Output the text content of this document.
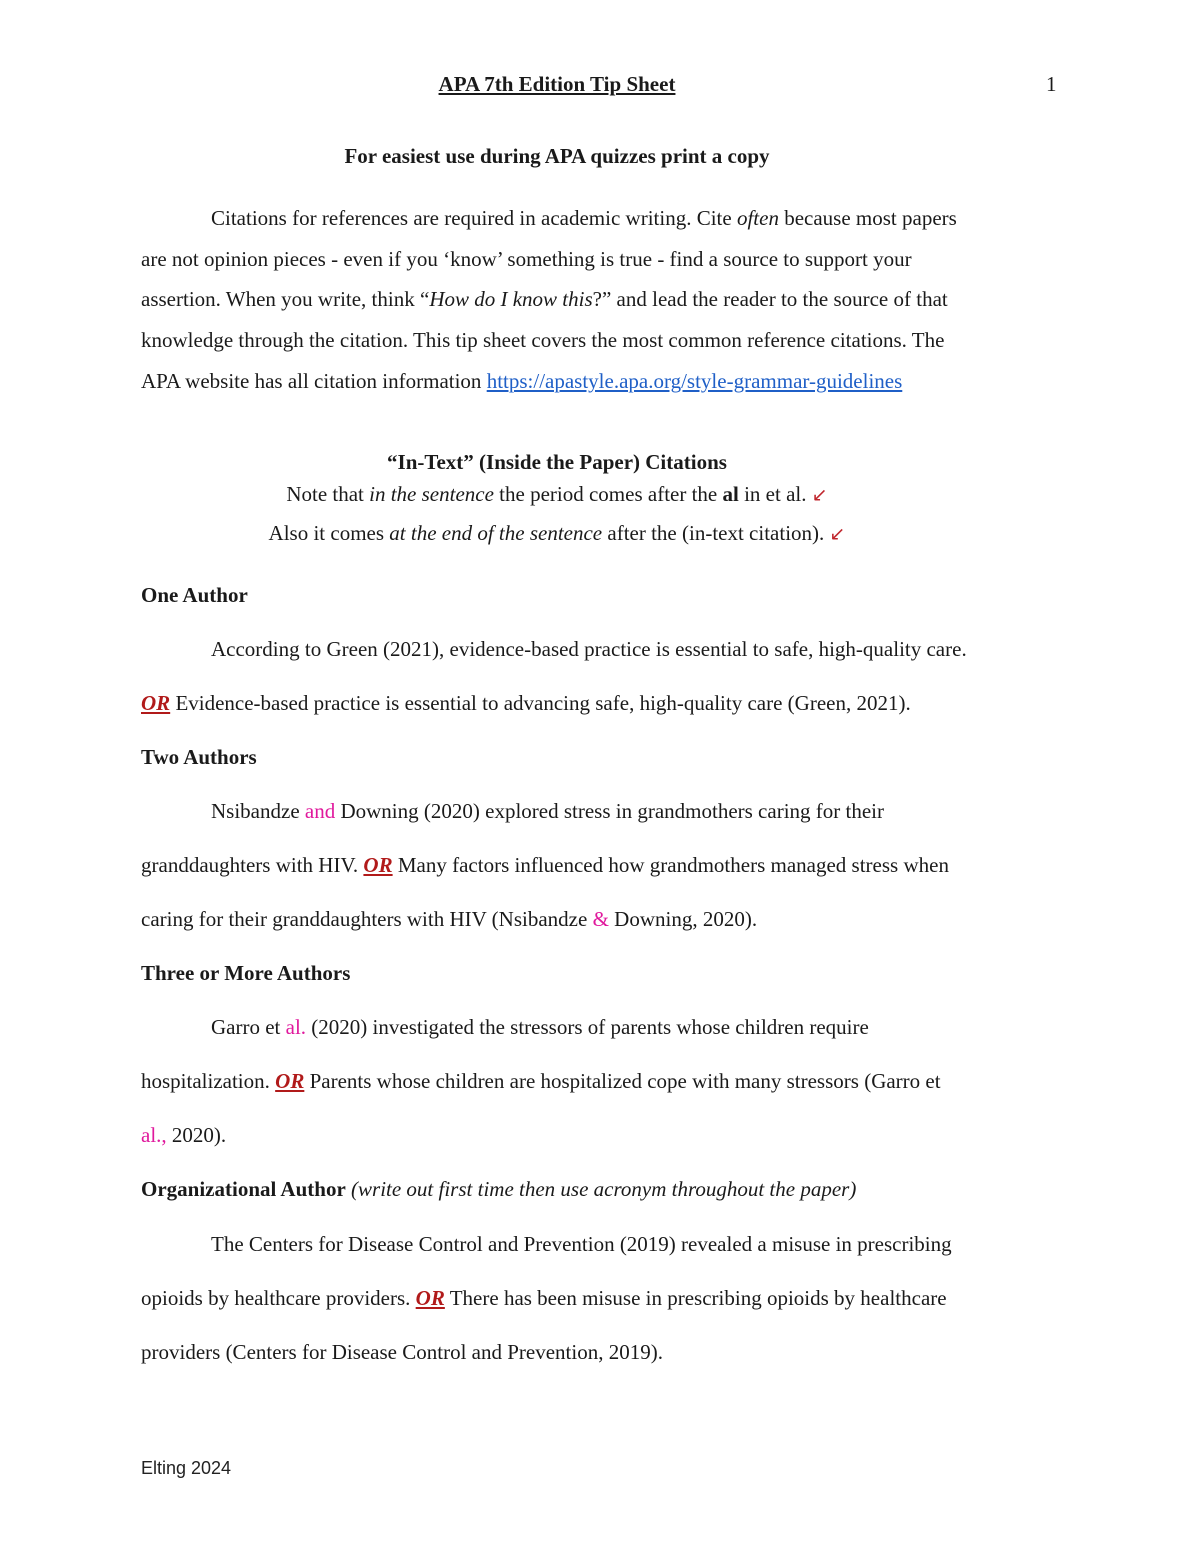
APA 7th Edition Tip Sheet	1
For easiest use during APA quizzes print a copy
Citations for references are required in academic writing. Cite often because most papers
are not opinion pieces - even if you ‘know’ something is true - find a source to support your
assertion. When you write, think “How do I know this?” and lead the reader to the source of that
knowledge through the citation. This tip sheet covers the most common reference citations. The
APA website has all citation information https://apastyle.apa.org/style-grammar-guidelines
“In-Text” (Inside the Paper) Citations
Note that in the sentence the period comes after the al in et al. ↙
Also it comes at the end of the sentence after the (in-text citation). ↙
One Author
According to Green (2021), evidence-based practice is essential to safe, high-quality care.
OR Evidence-based practice is essential to advancing safe, high-quality care (Green, 2021).
Two Authors
Nsibandze and Downing (2020) explored stress in grandmothers caring for their
granddaughters with HIV. OR Many factors influenced how grandmothers managed stress when
caring for their granddaughters with HIV (Nsibandze & Downing, 2020).
Three or More Authors
Garro et al. (2020) investigated the stressors of parents whose children require
hospitalization. OR Parents whose children are hospitalized cope with many stressors (Garro et
al., 2020).
Organizational Author (write out first time then use acronym throughout the paper)
The Centers for Disease Control and Prevention (2019) revealed a misuse in prescribing
opioids by healthcare providers. OR There has been misuse in prescribing opioids by healthcare
providers (Centers for Disease Control and Prevention, 2019).
Elting 2024
